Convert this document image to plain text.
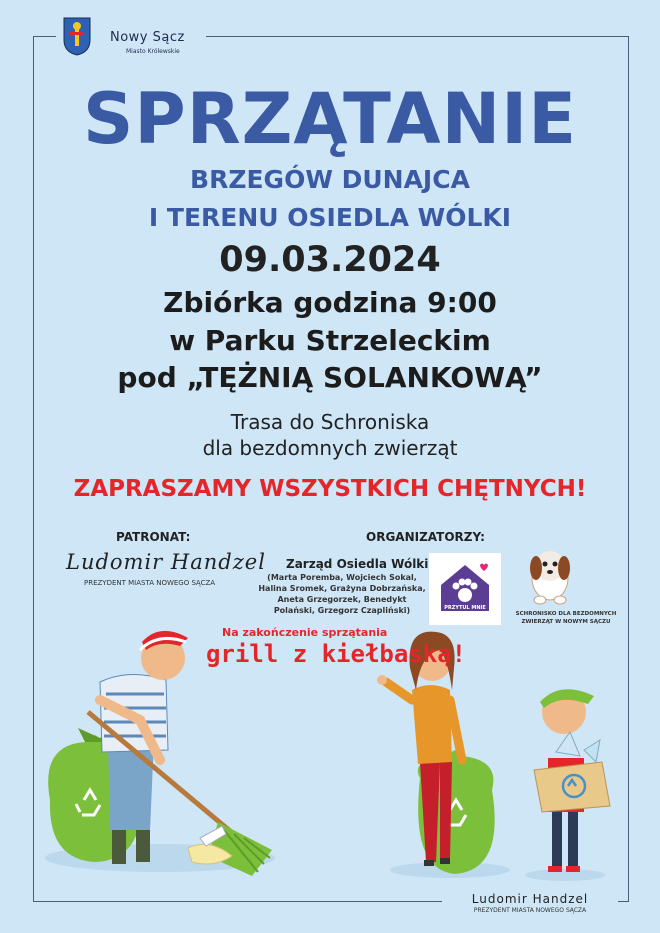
Nowy Sącz
Miasto Królewskie
SPRZĄTANIE
BRZEGÓW DUNAJCA
I TERENU OSIEDLA WÓLKI
09.03.2024
Zbiórka godzina 9:00
w Parku Strzeleckim
pod „TĘŻNIĄ SOLANKOWĄ”
Trasa do Schroniska
dla bezdomnych zwierząt
ZAPRASZAMY WSZYSTKICH CHĘTNYCH!
PATRONAT:
Ludomir Handzel
PREZYDENT MIASTA NOWEGO SĄCZA
ORGANIZATORZY:
Zarząd Osiedla Wólki
(Marta Poremba, Wojciech Sokal, Halina Sromek, Grażyna Dobrzańska, Aneta Grzegorzek, Benedykt Polański, Grzegorz Czapliński)	PRZYTUL MNIE
SCHRONISKO DLA BEZDOMNYCH ZWIERZĄT W NOWYM SĄCZU
Na zakończenie sprzątania
grill z kiełbaską!
Ludomir Handzel
PREZYDENT MIASTA NOWEGO SĄCZA
